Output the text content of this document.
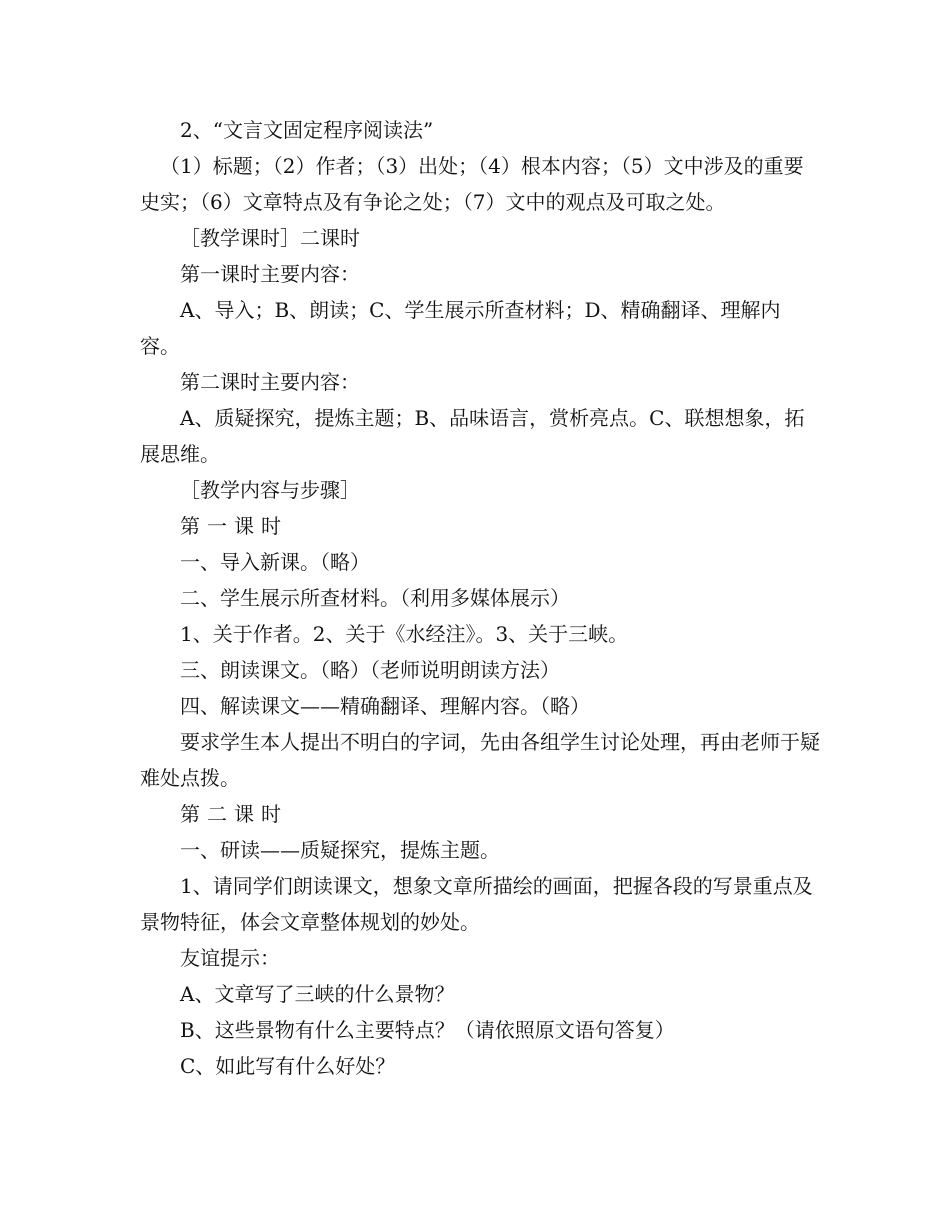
2、“文言文固定程序阅读法”

（1）标题；（2）作者；（3）出处；（4）根本内容；（5）文中涉及的重要史实；（6）文章特点及有争论之处；（7）文中的观点及可取之处。

［教学课时］二课时

第一课时主要内容：

A、导入；B、朗读；C、学生展示所查材料；D、精确翻译、理解内容。

第二课时主要内容：

A、质疑探究，提炼主题；B、品味语言，赏析亮点。C、联想想象，拓展思维。

［教学内容与步骤］

第一课时

一、导入新课。（略）

二、学生展示所查材料。（利用多媒体展示）

1、关于作者。2、关于《水经注》。3、关于三峡。

三、朗读课文。（略）（老师说明朗读方法）

四、解读课文——精确翻译、理解内容。（略）

要求学生本人提出不明白的字词，先由各组学生讨论处理，再由老师于疑难处点拨。

第二课时

一、研读——质疑探究，提炼主题。

1、请同学们朗读课文，想象文章所描绘的画面，把握各段的写景重点及景物特征，体会文章整体规划的妙处。

友谊提示：

A、文章写了三峡的什么景物？

B、这些景物有什么主要特点？（请依照原文语句答复）

C、如此写有什么好处？
